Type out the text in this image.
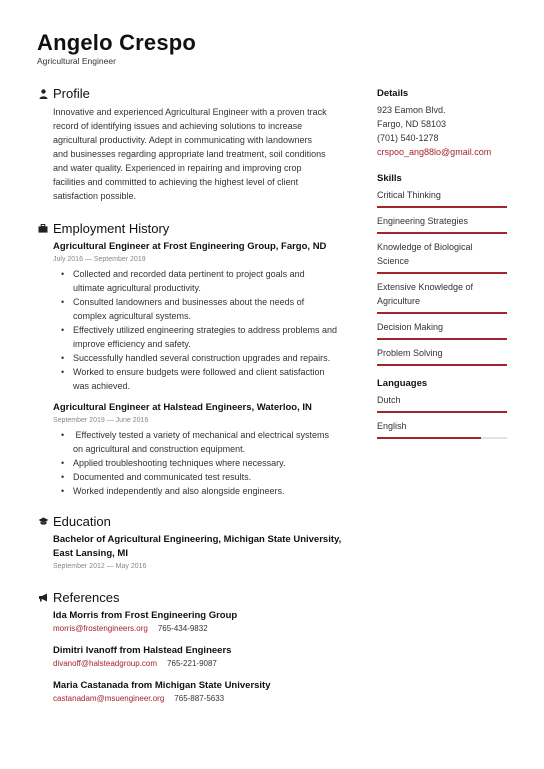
Angelo Crespo
Agricultural Engineer
Profile
Innovative and experienced Agricultural Engineer with a proven track
record of identifying issues and achieving solutions to increase
agricultural productivity. Adept in communicating with landowners
and businesses regarding appropriate land treatment, soil conditions
and water quality. Experienced in repairing and improving crop
facilities and committed to achieving the highest level of client
satisfaction possible.
Employment History
Agricultural Engineer at Frost Engineering Group, Fargo, ND
July 2016 — September 2019
• Collected and recorded data pertinent to project goals and
ultimate agricultural productivity.
• Consulted landowners and businesses about the needs of
complex agricultural systems.
• Effectively utilized engineering strategies to address problems and
improve efficiency and safety.
• Successfully handled several construction upgrades and repairs.
• Worked to ensure budgets were followed and client satisfaction
was achieved.
Agricultural Engineer at Halstead Engineers, Waterloo, IN
September 2019 — June 2016
•  Effectively tested a variety of mechanical and electrical systems
on agricultural and construction equipment.
• Applied troubleshooting techniques where necessary.
• Documented and communicated test results.
• Worked independently and also alongside engineers.
Education
Bachelor of Agricultural Engineering, Michigan State University,
East Lansing, MI
September 2012 — May 2016
References
Ida Morris from Frost Engineering Group
morris@frostengineers.org 765-434-9832
Dimitri Ivanoff from Halstead Engineers
divanoff@halsteadgroup.com 765-221-9087
Maria Castanada from Michigan State University
castanadam@msuengineer.org 765-887-5633
Details
923 Eamon Blvd.
Fargo, ND 58103
(701) 540-1278
crspoo_ang88lo@gmail.com
Skills
Critical Thinking
Engineering Strategies
Knowledge of Biological
Science
Extensive Knowledge of
Agriculture
Decision Making
Problem Solving
Languages
Dutch
English
